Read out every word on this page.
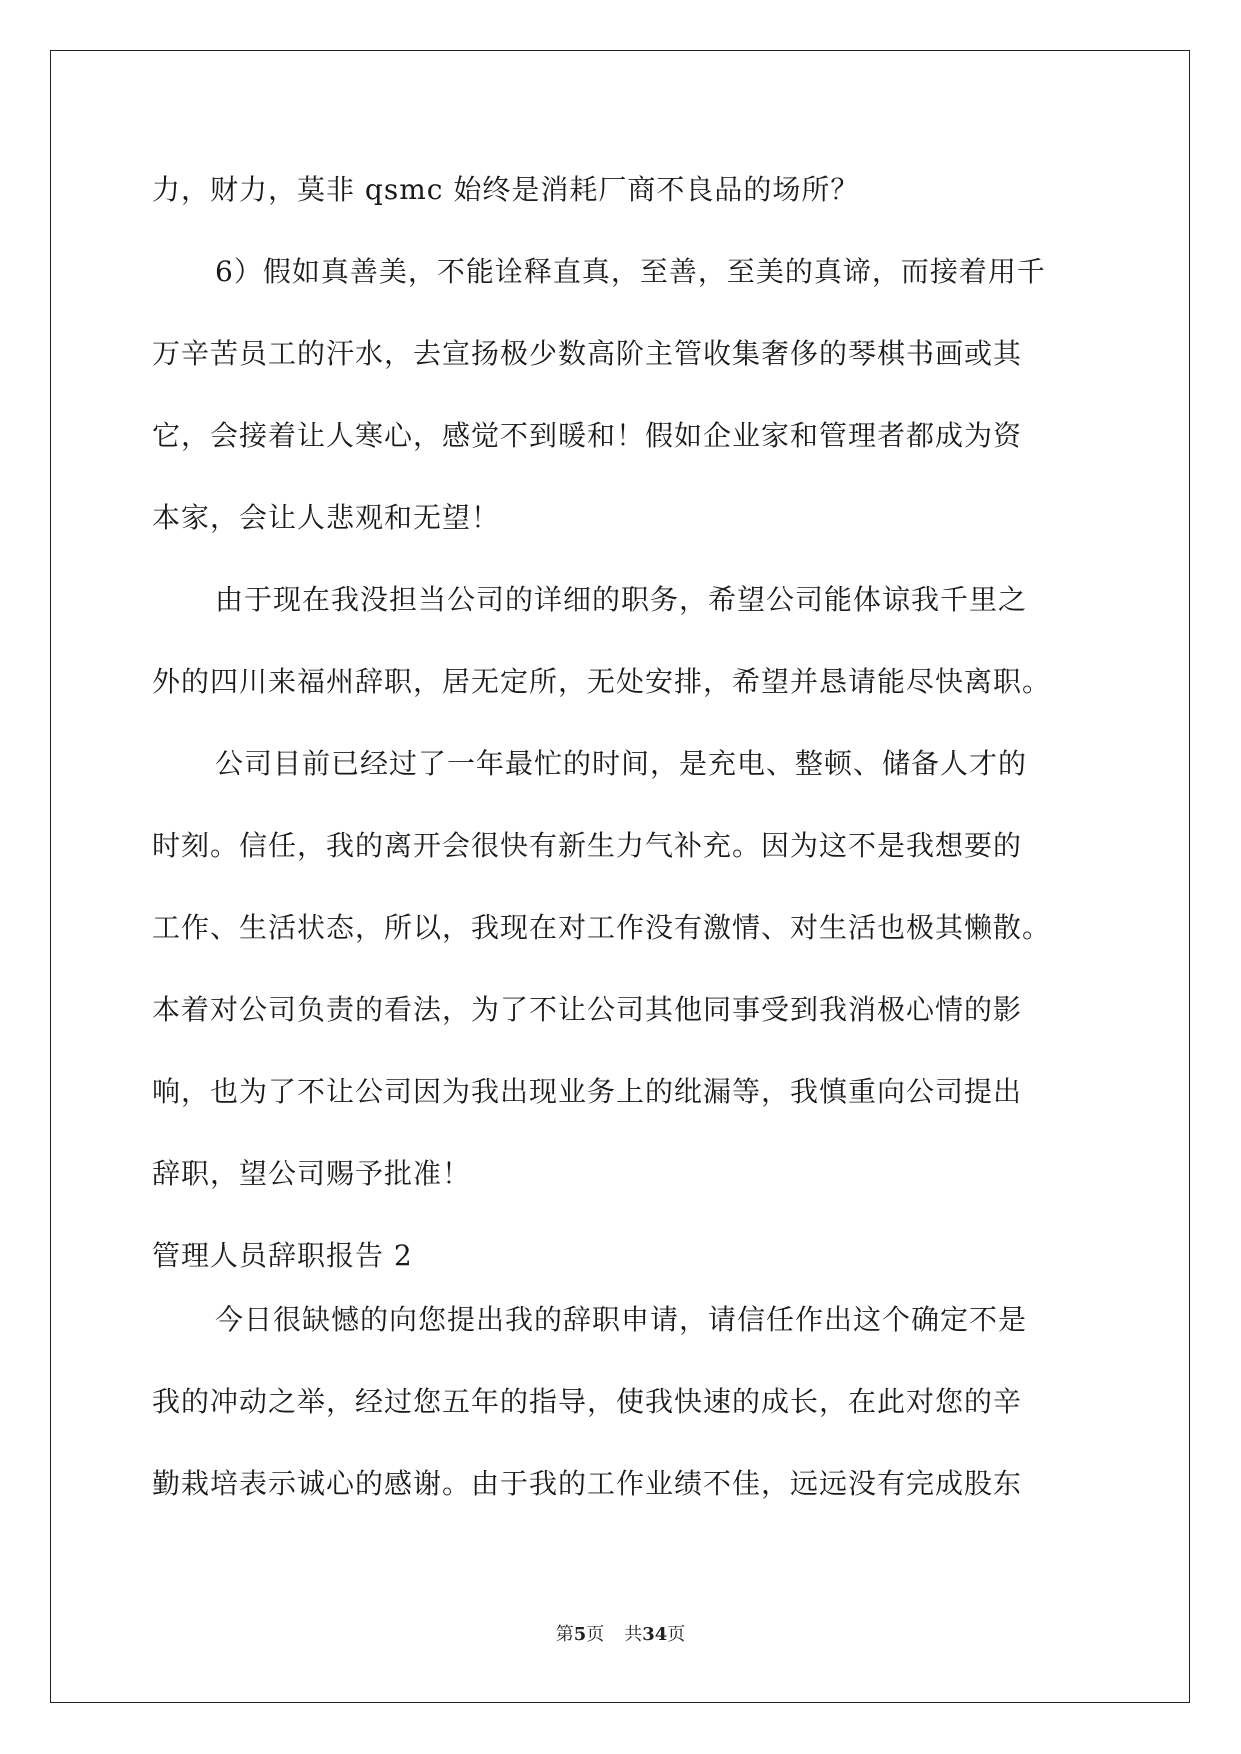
力，财力，莫非 qsmc 始终是消耗厂商不良品的场所？
6）假如真善美，不能诠释直真，至善，至美的真谛，而接着用千
万辛苦员工的汗水，去宣扬极少数高阶主管收集奢侈的琴棋书画或其
它，会接着让人寒心，感觉不到暖和！假如企业家和管理者都成为资
本家，会让人悲观和无望！
由于现在我没担当公司的详细的职务，希望公司能体谅我千里之
外的四川来福州辞职，居无定所，无处安排，希望并恳请能尽快离职。
公司目前已经过了一年最忙的时间，是充电、整顿、储备人才的
时刻。信任，我的离开会很快有新生力气补充。因为这不是我想要的
工作、生活状态，所以，我现在对工作没有激情、对生活也极其懒散。
本着对公司负责的看法，为了不让公司其他同事受到我消极心情的影
响，也为了不让公司因为我出现业务上的纰漏等，我慎重向公司提出
辞职，望公司赐予批准！
管理人员辞职报告 2
今日很缺憾的向您提出我的辞职申请，请信任作出这个确定不是
我的冲动之举，经过您五年的指导，使我快速的成长，在此对您的辛
勤栽培表示诚心的感谢。由于我的工作业绩不佳，远远没有完成股东
第5页 共34页
